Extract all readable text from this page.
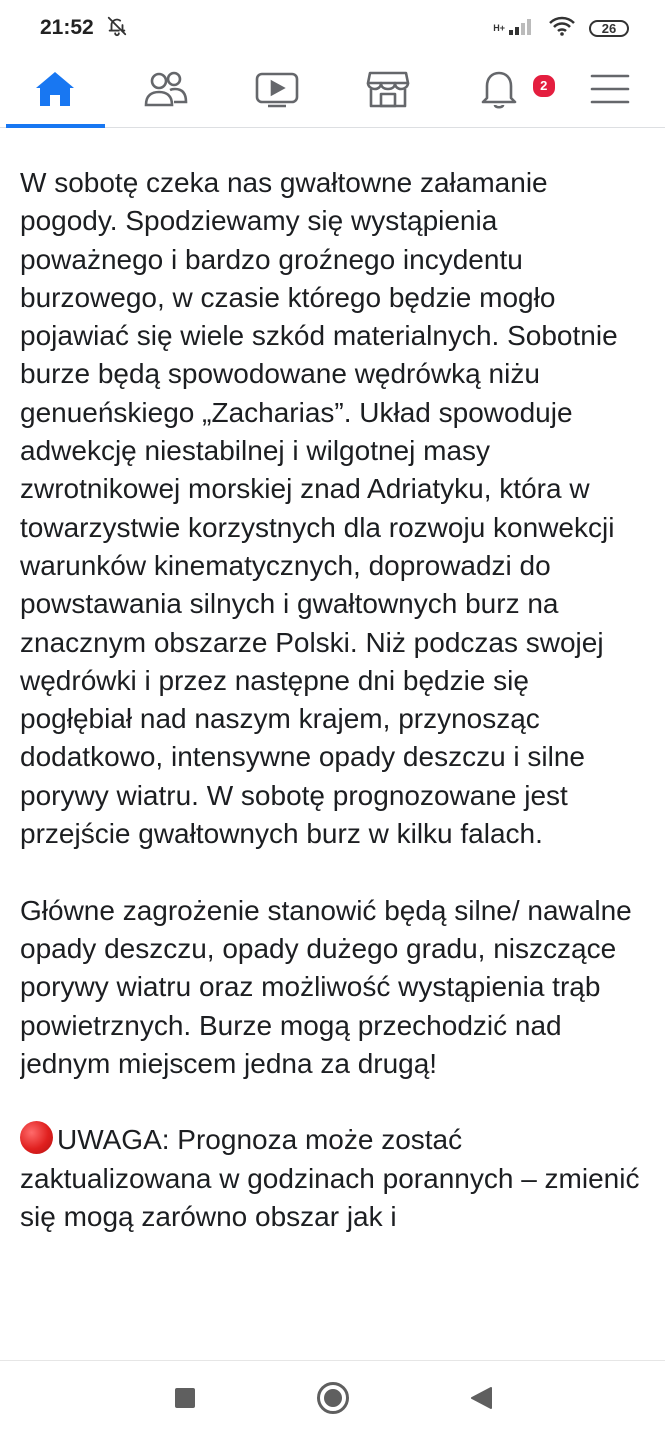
21:52	H+	26
2

W sobotę czeka nas gwałtowne załamanie pogody. Spodziewamy się wystąpienia poważnego i bardzo groźnego incydentu burzowego, w czasie którego będzie mogło pojawiać się wiele szkód materialnych. Sobotnie burze będą spowodowane wędrówką niżu genueńskiego „Zacharias”. Układ spowoduje adwekcję niestabilnej i wilgotnej masy zwrotnikowej morskiej znad Adriatyku, która w towarzystwie korzystnych dla rozwoju konwekcji warunków kinematycznych, doprowadzi do powstawania silnych i gwałtownych burz na znacznym obszarze Polski. Niż podczas swojej wędrówki i przez następne dni będzie się pogłębiał nad naszym krajem, przynosząc dodatkowo, intensywne opady deszczu i silne porywy wiatru. W sobotę prognozowane jest przejście gwałtownych burz w kilku falach.

Główne zagrożenie stanowić będą silne/ nawalne opady deszczu, opady dużego gradu, niszczące porywy wiatru oraz możliwość wystąpienia trąb powietrznych. Burze mogą przechodzić nad jednym miejscem jedna za drugą!

UWAGA: Prognoza może zostać zaktualizowana w godzinach porannych – zmienić się mogą zarówno obszar jak i
